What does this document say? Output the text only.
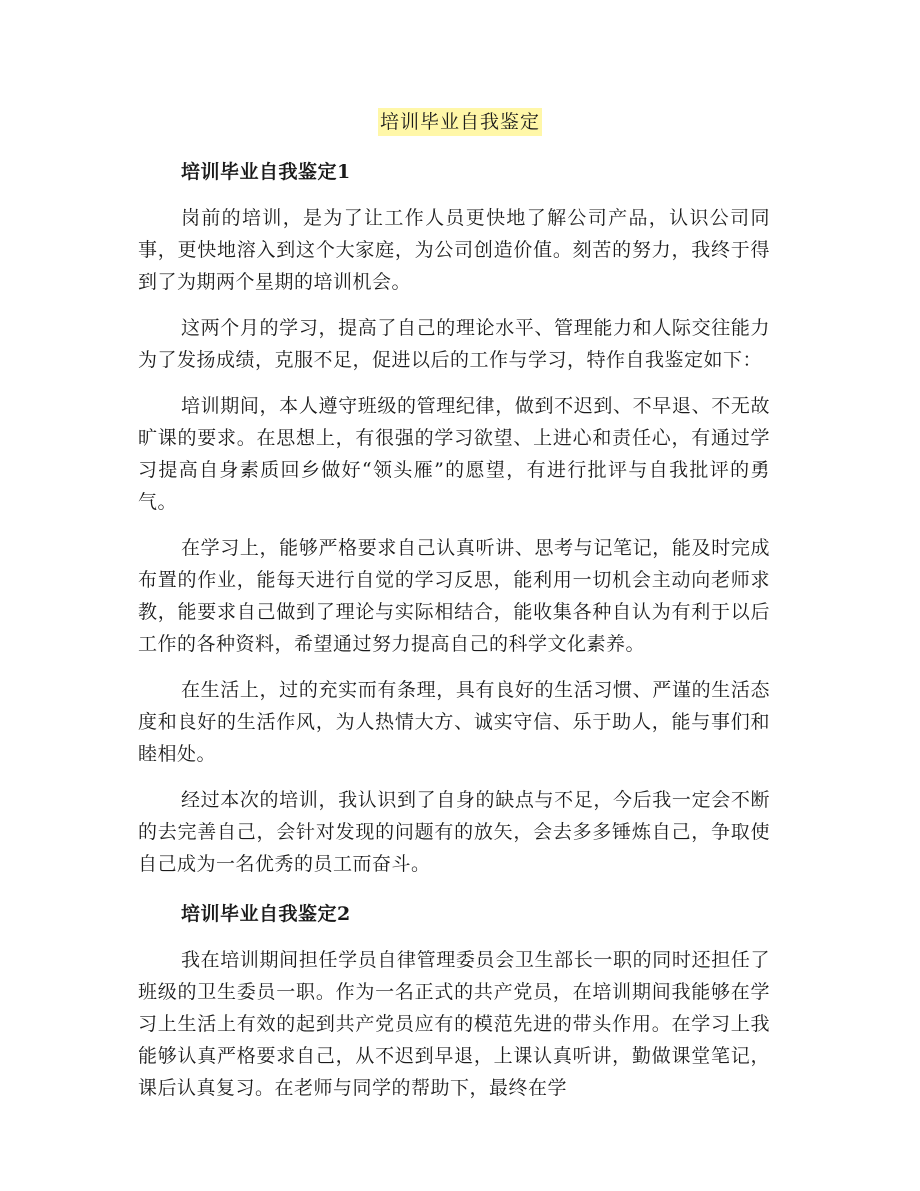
培训毕业自我鉴定
培训毕业自我鉴定1

岗前的培训，是为了让工作人员更快地了解公司产品，认识公司同事，更快地溶入到这个大家庭，为公司创造价值。刻苦的努力，我终于得到了为期两个星期的培训机会。

这两个月的学习，提高了自己的理论水平、管理能力和人际交往能力为了发扬成绩，克服不足，促进以后的工作与学习，特作自我鉴定如下：

培训期间，本人遵守班级的管理纪律，做到不迟到、不早退、不无故旷课的要求。在思想上，有很强的学习欲望、上进心和责任心，有通过学习提高自身素质回乡做好“领头雁”的愿望，有进行批评与自我批评的勇气。

在学习上，能够严格要求自己认真听讲、思考与记笔记，能及时完成布置的作业，能每天进行自觉的学习反思，能利用一切机会主动向老师求教，能要求自己做到了理论与实际相结合，能收集各种自认为有利于以后工作的各种资料，希望通过努力提高自己的科学文化素养。

在生活上，过的充实而有条理，具有良好的生活习惯、严谨的生活态度和良好的生活作风，为人热情大方、诚实守信、乐于助人，能与事们和睦相处。

经过本次的培训，我认识到了自身的缺点与不足，今后我一定会不断的去完善自己，会针对发现的问题有的放矢，会去多多锤炼自己，争取使自己成为一名优秀的员工而奋斗。

培训毕业自我鉴定2

我在培训期间担任学员自律管理委员会卫生部长一职的同时还担任了班级的卫生委员一职。作为一名正式的共产党员，在培训期间我能够在学习上生活上有效的起到共产党员应有的模范先进的带头作用。在学习上我能够认真严格要求自己，从不迟到早退，上课认真听讲，勤做课堂笔记，课后认真复习。在老师与同学的帮助下，最终在学
